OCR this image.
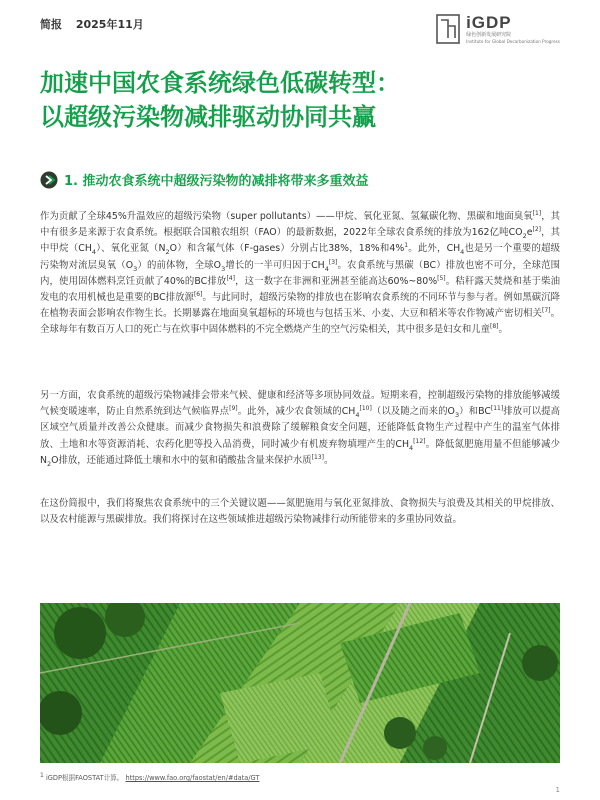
简报 2025年11月	iGDP
绿色创新发展研究院
Institute for Global Decarbonization Progress
加速中国农食系统绿色低碳转型：
以超级污染物减排驱动协同共赢
1. 推动农食系统中超级污染物的减排将带来多重效益

作为贡献了全球45%升温效应的超级污染物（super pollutants）——甲烷、氧化亚氮、氢氟碳化物、黑碳和地面臭氧[1]，其中有很多是来源于农食系统。根据联合国粮农组织（FAO）的最新数据，2022年全球农食系统的排放为162亿吨$CO_2e[2]$，其中甲烷$(CH_4)$、氧化亚氮$(N_2O)$和含氟气体（F-gases）分别占比38%，18%和4%$^1$。此外，$CH_4$也是另一个重要的超级污染物对流层臭氧$(O_3)$的前体物，全球$O_3$增长的一半可归因于$CH_4[3]$。农食系统与黑碳（BC）排放也密不可分，全球范围内，使用固体燃料烹饪贡献了40%的BC排放[4]，这一数字在非洲和亚洲甚至能高达60%~80%[5]。秸秆露天焚烧和基于柴油发电的农用机械也是重要的BC排放源[6]。与此同时，超级污染物的排放也在影响农食系统的不同环节与参与者。例如黑碳沉降在植物表面会影响农作物生长。长期暴露在地面臭氧超标的环境也与包括玉米、小麦、大豆和稻米等农作物减产密切相关[7]。全球每年有数百万人口的死亡与在炊事中固体燃料的不完全燃烧产生的空气污染相关，其中很多是妇女和儿童[8]。

另一方面，农食系统的超级污染物减排会带来气候、健康和经济等多项协同效益。短期来看，控制超级污染物的排放能够减缓气候变暖速率，防止自然系统到达气候临界点[9]。此外，减少农食领域的$CH_4[10]$（以及随之而来的$O_3$）和BC[11]排放可以提高区域空气质量并改善公众健康。而减少食物损失和浪费除了缓解粮食安全问题，还能降低食物生产过程中产生的温室气体排放、土地和水等资源消耗、农药化肥等投入品消费，同时减少有机废弃物填埋产生的$CH_4[12]$。降低氮肥施用量不但能够减少$N_2O$排放，还能通过降低土壤和水中的氨和硝酸盐含量来保护水质[13]。

在这份简报中，我们将聚焦农食系统中的三个关键议题——氮肥施用与氧化亚氮排放、食物损失与浪费及其相关的甲烷排放、以及农村能源与黑碳排放。我们将探讨在这些领域推进超级污染物减排行动所能带来的多重协同效益。

$^1$ iGDP根据FAOSTAT计算。 https://www.fao.org/faostat/en/#data/GT
1
